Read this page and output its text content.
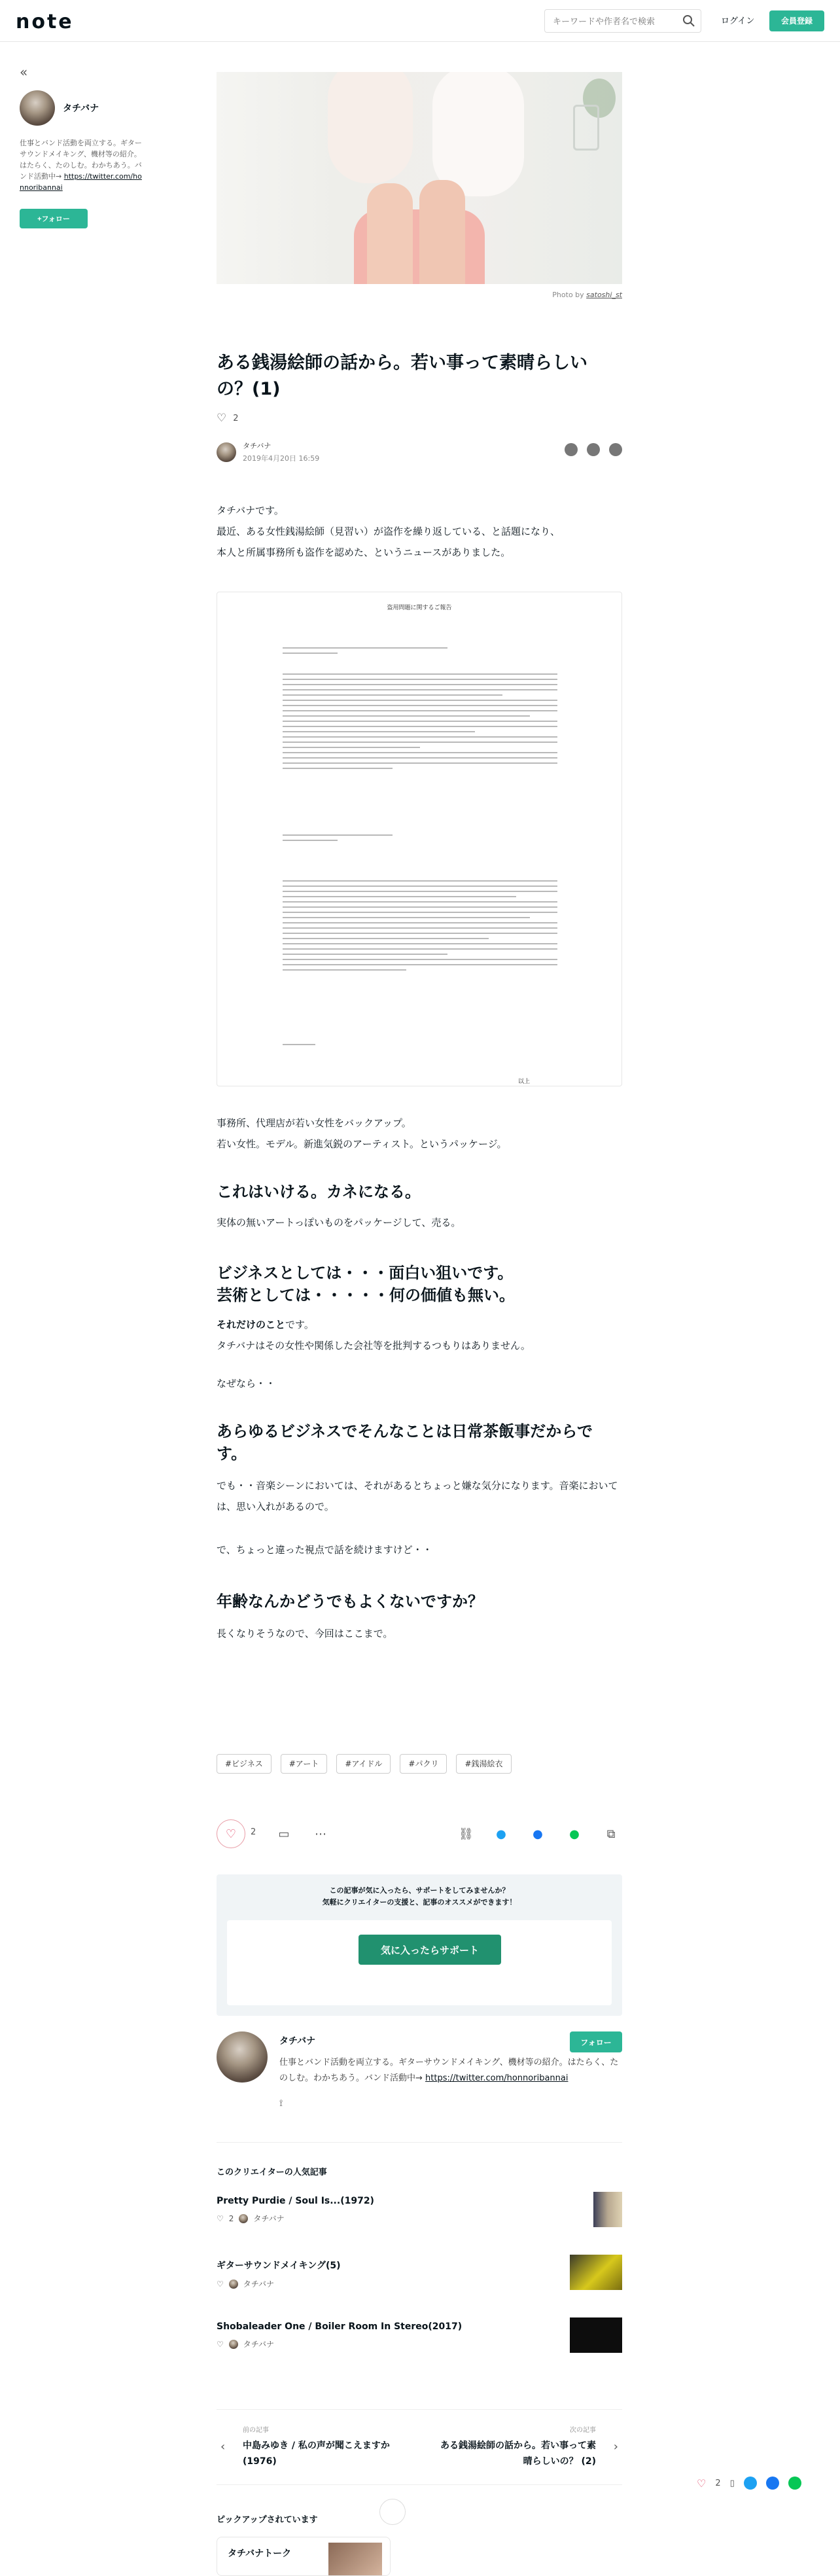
note
キーワードや作者名で検索	ログイン	会員登録
«
タチバナ
仕事とバンド活動を両立する。ギターサウンドメイキング、機材等の紹介。はたらく、たのしむ。わかちあう。バンド活動中→ https://twitter.com/honnoribannai
+フォロー
Photo by satoshi_st
ある銭湯絵師の話から。若い事って素晴らしいの？(1)
♡ 2
タチバナ
2019年4月20日 16:59

タチバナです。

最近、ある女性銭湯絵師（見習い）が盗作を繰り返している、と話題になり、

本人と所属事務所も盗作を認めた、というニュースがありました。

盗用問題に関するご報告
以上

事務所、代理店が若い女性をバックアップ。

若い女性。モデル。新進気鋭のアーティスト。というパッケージ。

これはいける。カネになる。

実体の無いアートっぽいものをパッケージして、売る。

ビジネスとしては・・・面白い狙いです。
芸術としては・・・・・何の価値も無い。

それだけのことです。

タチバナはその女性や関係した会社等を批判するつもりはありません。

なぜなら・・

あらゆるビジネスでそんなことは日常茶飯事だからです。

でも・・音楽シーンにおいては、それがあるとちょっと嫌な気分になります。音楽においては、思い入れがあるので。

で、ちょっと違った視点で話を続けますけど・・

年齢なんかどうでもよくないですか？

長くなりそうなので、今回はここまで。

#ビジネス	#アート	#アイドル	#パクリ	#銭湯絵衣
♡ 2 ▭ ⋯	⛓ ● ● ● ⧉
この記事が気に入ったら、サポートをしてみませんか？
気軽にクリエイターの支援と、記事のオススメができます！
気に入ったらサポート
タチバナ	フォロー
仕事とバンド活動を両立する。ギターサウンドメイキング、機材等の紹介。はたらく、たのしむ。わかちあう。バンド活動中→ https://twitter.com/honnoribannai
⟟
このクリエイターの人気記事
Pretty Purdie / Soul Is...(1972)
♡ 2	タチバナ
ギターサウンドメイキング(5)
♡	タチバナ
Shobaleader One / Boiler Room In Stereo(2017)
♡	タチバナ
‹
前の記事
中島みゆき / 私の声が聞こえますか(1976)
次の記事
ある銭湯絵師の話から。若い事って素晴らしいの？ (2)
›
ピックアップされています
タチバナトーク
♡ 2 ▯
